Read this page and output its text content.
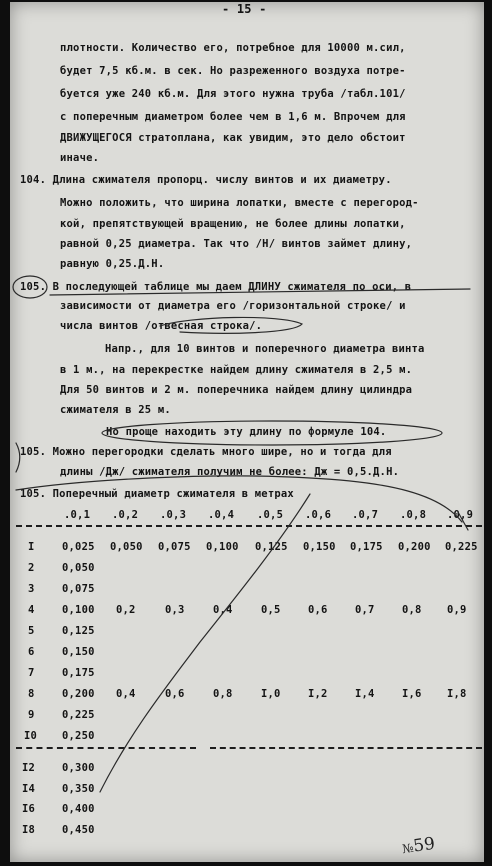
- 15 -
плотности. Количество его, потребное для 10000 м.сил,
будет 7,5 кб.м. в сек. Но разреженного воздуха потре-
буется уже 240 кб.м. Для этого нужна труба /табл.101/
с поперечным диаметром более чем в 1,6 м. Впрочем для
ДВИЖУЩЕГОСЯ стратоплана, как увидим, это дело обстоит
иначе.
104. Длина сжимателя пропорц. числу винтов и их диаметру.
Можно положить, что ширина лопатки, вместе с перегород-
кой, препятствующей вращению, не более длины лопатки,
равной 0,25 диаметра. Так что /Н/ винтов займет длину,
равную 0,25.Д.Н.
105. В последующей таблице мы даем ДЛИНУ сжимателя по оси, в
зависимости от диаметра его /горизонтальной строке/ и
числа винтов /отвесная строка/.
Напр., для 10 винтов и поперечного диаметра винта
в 1 м., на перекрестке найдем длину сжимателя в 2,5 м.
Для 50 винтов и 2 м. поперечника найдем длину цилиндра
сжимателя в 25 м.
Но проще находить эту длину по формуле 104.
105. Можно перегородки сделать много шире, но и тогда для
длины /Дж/ сжимателя получим не более: Дж = 0,5.Д.Н.
105. Поперечный диаметр сжимателя в метрах
.0,1 .0,2 .0,3 .0,4 .0,5 .0,6 .0,7 .0,8 .0,9
I	0,025 0,050 0,075 0,100 0,125 0,150 0,175 0,200 0,225
2	0,050
3	0,075
4	0,100 0,2	0,3	0,4	0,5	0,6	0,7	0,8 0,9
5	0,125
6	0,150
7	0,175
8	0,200 0,4	0,6	0,8	I,0	I,2	I,4	I,6 I,8
9	0,225
I0 0,250
I2	0,300
I4	0,350
I6	0,400
I8	0,450
№59
